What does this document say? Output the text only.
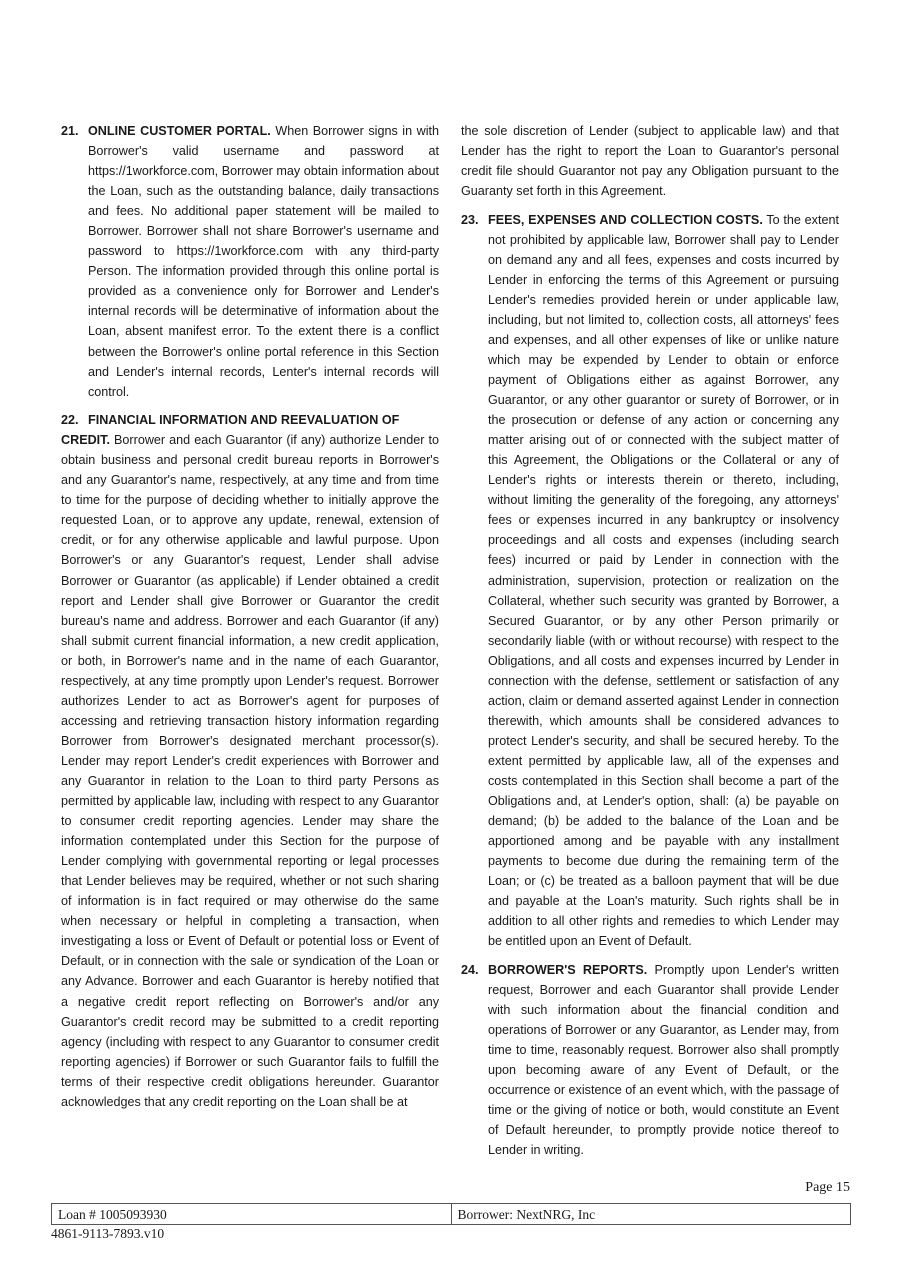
21. ONLINE CUSTOMER PORTAL. When Borrower signs in with Borrower's valid username and password at https://1workforce.com, Borrower may obtain information about the Loan, such as the outstanding balance, daily transactions and fees. No additional paper statement will be mailed to Borrower. Borrower shall not share Borrower's username and password to https://1workforce.com with any third-party Person. The information provided through this online portal is provided as a convenience only for Borrower and Lender's internal records will be determinative of information about the Loan, absent manifest error. To the extent there is a conflict between the Borrower's online portal reference in this Section and Lender's internal records, Lenter's internal records will control.

22. FINANCIAL INFORMATION AND REEVALUATION OF

CREDIT. Borrower and each Guarantor (if any) authorize Lender to obtain business and personal credit bureau reports in Borrower's and any Guarantor's name, respectively, at any time and from time to time for the purpose of deciding whether to initially approve the requested Loan, or to approve any update, renewal, extension of credit, or for any otherwise applicable and lawful purpose. Upon Borrower's or any Guarantor's request, Lender shall advise Borrower or Guarantor (as applicable) if Lender obtained a credit report and Lender shall give Borrower or Guarantor the credit bureau's name and address. Borrower and each Guarantor (if any) shall submit current financial information, a new credit application, or both, in Borrower's name and in the name of each Guarantor, respectively, at any time promptly upon Lender's request. Borrower authorizes Lender to act as Borrower's agent for purposes of accessing and retrieving transaction history information regarding Borrower from Borrower's designated merchant processor(s). Lender may report Lender's credit experiences with Borrower and any Guarantor in relation to the Loan to third party Persons as permitted by applicable law, including with respect to any Guarantor to consumer credit reporting agencies. Lender may share the information contemplated under this Section for the purpose of Lender complying with governmental reporting or legal processes that Lender believes may be required, whether or not such sharing of information is in fact required or may otherwise do the same when necessary or helpful in completing a transaction, when investigating a loss or Event of Default or potential loss or Event of Default, or in connection with the sale or syndication of the Loan or any Advance. Borrower and each Guarantor is hereby notified that a negative credit report reflecting on Borrower's and/or any Guarantor's credit record may be submitted to a credit reporting agency (including with respect to any Guarantor to consumer credit reporting agencies) if Borrower or such Guarantor fails to fulfill the terms of their respective credit obligations hereunder. Guarantor acknowledges that any credit reporting on the Loan shall be at

the sole discretion of Lender (subject to applicable law) and that Lender has the right to report the Loan to Guarantor's personal credit file should Guarantor not pay any Obligation pursuant to the Guaranty set forth in this Agreement.

23. FEES, EXPENSES AND COLLECTION COSTS. To the extent not prohibited by applicable law, Borrower shall pay to Lender on demand any and all fees, expenses and costs incurred by Lender in enforcing the terms of this Agreement or pursuing Lender's remedies provided herein or under applicable law, including, but not limited to, collection costs, all attorneys' fees and expenses, and all other expenses of like or unlike nature which may be expended by Lender to obtain or enforce payment of Obligations either as against Borrower, any Guarantor, or any other guarantor or surety of Borrower, or in the prosecution or defense of any action or concerning any matter arising out of or connected with the subject matter of this Agreement, the Obligations or the Collateral or any of Lender's rights or interests therein or thereto, including, without limiting the generality of the foregoing, any attorneys' fees or expenses incurred in any bankruptcy or insolvency proceedings and all costs and expenses (including search fees) incurred or paid by Lender in connection with the administration, supervision, protection or realization on the Collateral, whether such security was granted by Borrower, a Secured Guarantor, or by any other Person primarily or secondarily liable (with or without recourse) with respect to the Obligations, and all costs and expenses incurred by Lender in connection with the defense, settlement or satisfaction of any action, claim or demand asserted against Lender in connection therewith, which amounts shall be considered advances to protect Lender's security, and shall be secured hereby. To the extent permitted by applicable law, all of the expenses and costs contemplated in this Section shall become a part of the Obligations and, at Lender's option, shall: (a) be payable on demand; (b) be added to the balance of the Loan and be apportioned among and be payable with any installment payments to become due during the remaining term of the Loan; or (c) be treated as a balloon payment that will be due and payable at the Loan's maturity. Such rights shall be in addition to all other rights and remedies to which Lender may be entitled upon an Event of Default.

24. BORROWER'S REPORTS. Promptly upon Lender's written request, Borrower and each Guarantor shall provide Lender with such information about the financial condition and operations of Borrower or any Guarantor, as Lender may, from time to time, reasonably request. Borrower also shall promptly upon becoming aware of any Event of Default, or the occurrence or existence of an event which, with the passage of time or the giving of notice or both, would constitute an Event of Default hereunder, to promptly provide notice thereof to Lender in writing.

Page 15
Loan # 1005093930	Borrower: NextNRG, Inc
4861-9113-7893.v10
